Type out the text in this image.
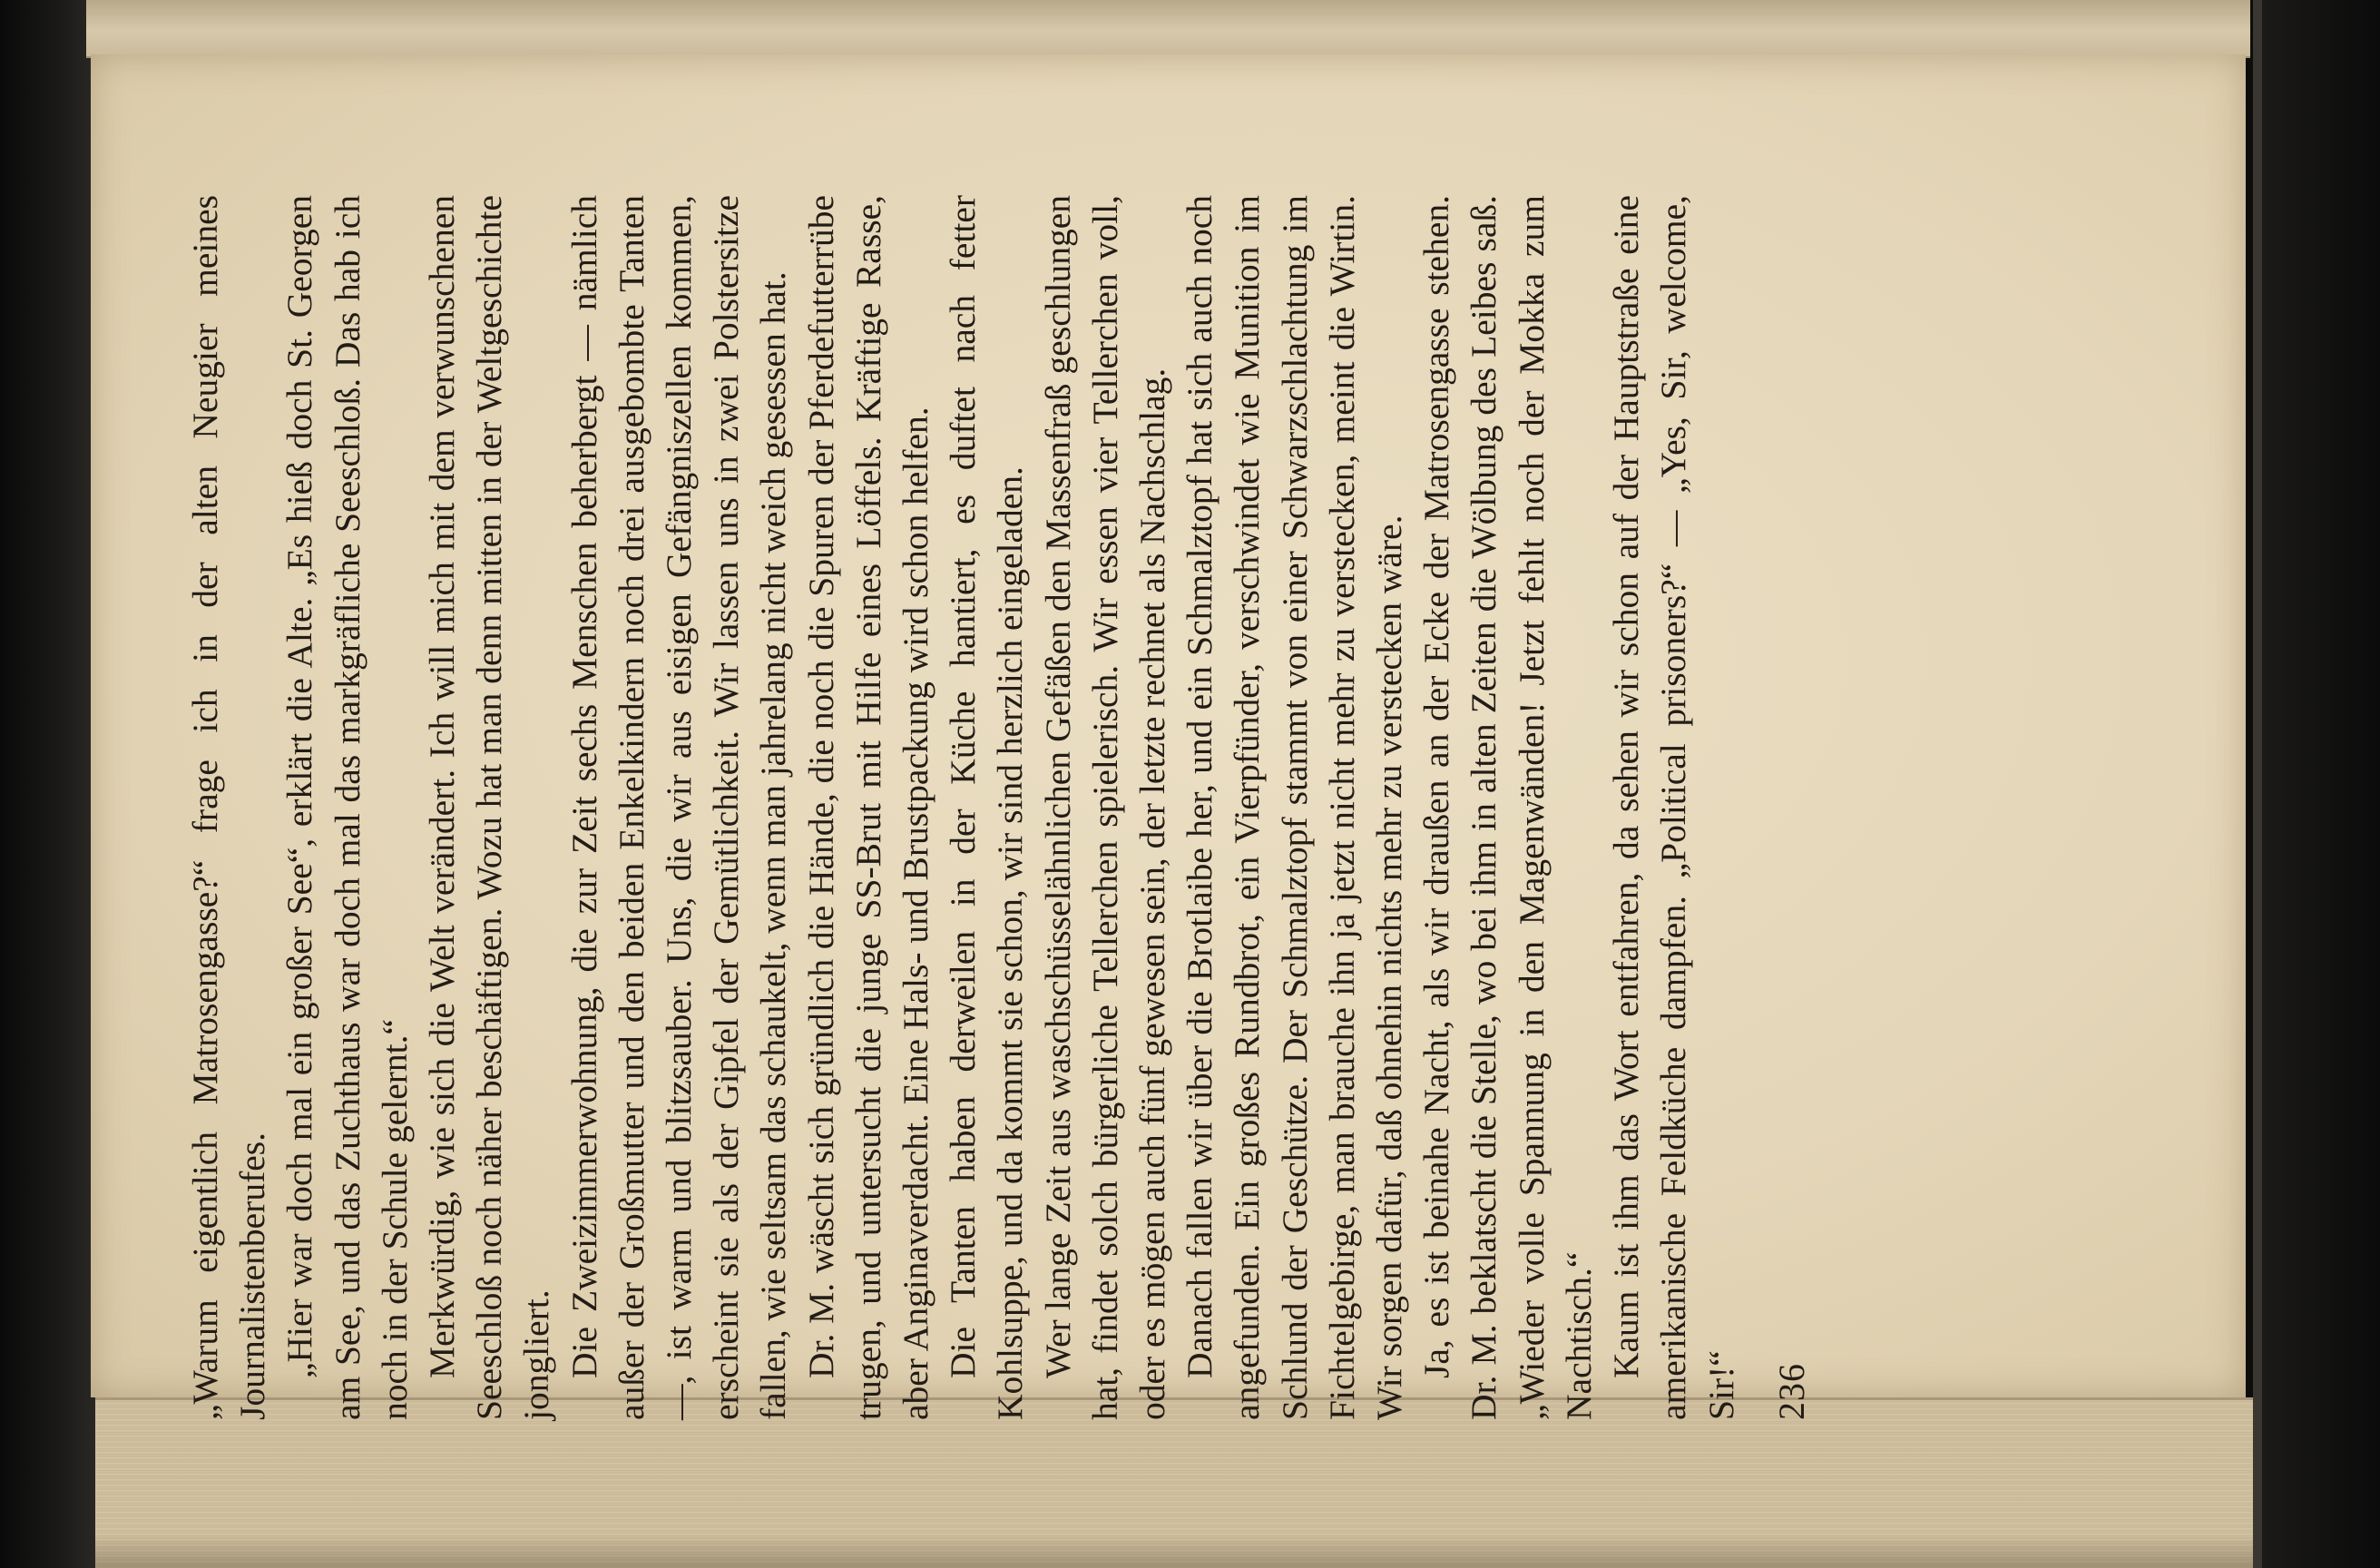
„Warum eigentlich Matrosengasse?“ frage ich in der alten Neugier meines Journalistenberufes. „Hier war doch mal ein großer See“, erklärt die Alte. „Es hieß doch St. Georgen am See, und das Zuchthaus war doch mal das markgräfliche Seeschloß. Das hab ich noch in der Schule gelernt.“ Merkwürdig, wie sich die Welt verändert. Ich will mich mit dem verwunschenen Seeschloß noch näher beschäftigen. Wozu hat man denn mitten in der Weltgeschichte jongliert. Die Zweizimmerwohnung, die zur Zeit sechs Menschen beherbergt — nämlich außer der Großmutter und den beiden Enkelkindern noch drei ausgebombte Tanten —, ist warm und blitzsauber. Uns, die wir aus eisigen Gefängniszellen kommen, erscheint sie als der Gipfel der Gemütlichkeit. Wir lassen uns in zwei Polstersitze fallen, wie seltsam das schaukelt, wenn man jahrelang nicht weich gesessen hat. Dr. M. wäscht sich gründlich die Hände, die noch die Spuren der Pferdefutterrübe trugen, und untersucht die junge SS-Brut mit Hilfe eines Löffels. Kräftige Rasse, aber Anginaverdacht. Eine Hals- und Brustpackung wird schon helfen. Die Tanten haben derweilen in der Küche hantiert, es duftet nach fetter Kohlsuppe, und da kommt sie schon, wir sind herzlich eingeladen. Wer lange Zeit aus waschschüsselähnlichen Gefäßen den Massenfraß geschlungen hat, findet solch bürgerliche Tellerchen spielerisch. Wir essen vier Tellerchen voll, oder es mögen auch fünf gewesen sein, der letzte rechnet als Nachschlag. Danach fallen wir über die Brotlaibe her, und ein Schmalztopf hat sich auch noch angefunden. Ein großes Rundbrot, ein Vierpfünder, verschwindet wie Munition im Schlund der Geschütze. Der Schmalztopf stammt von einer Schwarzschlachtung im Fichtelgebirge, man brauche ihn ja jetzt nicht mehr zu verstecken, meint die Wirtin. Wir sorgen dafür, daß ohnehin nichts mehr zu verstecken wäre. Ja, es ist beinahe Nacht, als wir draußen an der Ecke der Matrosengasse stehen. Dr. M. beklatscht die Stelle, wo bei ihm in alten Zeiten die Wölbung des Leibes saß. „Wieder volle Spannung in den Magenwänden! Jetzt fehlt noch der Mokka zum Nachtisch.“ Kaum ist ihm das Wort entfahren, da sehen wir schon auf der Hauptstraße eine amerikanische Feldküche dampfen. „Political prisoners?“ — „Yes, Sir, welcome, Sir!“ 236
